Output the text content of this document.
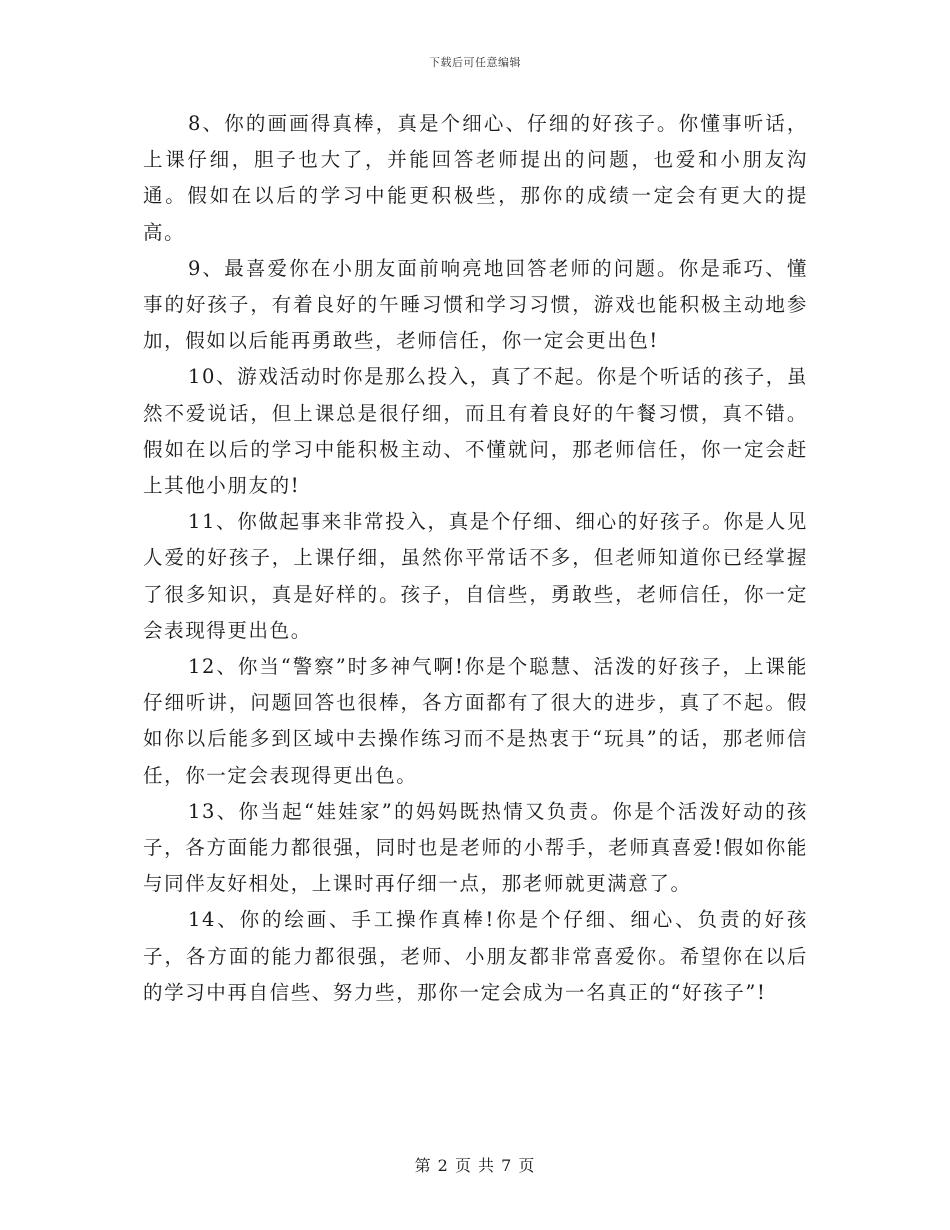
下载后可任意编辑

8、你的画画得真棒，真是个细心、仔细的好孩子。你懂事听话，上课仔细，胆子也大了，并能回答老师提出的问题，也爱和小朋友沟通。假如在以后的学习中能更积极些，那你的成绩一定会有更大的提高。

9、最喜爱你在小朋友面前响亮地回答老师的问题。你是乖巧、懂事的好孩子，有着良好的午睡习惯和学习习惯，游戏也能积极主动地参加，假如以后能再勇敢些，老师信任，你一定会更出色!

10、游戏活动时你是那么投入，真了不起。你是个听话的孩子，虽然不爱说话，但上课总是很仔细，而且有着良好的午餐习惯，真不错。假如在以后的学习中能积极主动、不懂就问，那老师信任，你一定会赶上其他小朋友的!

11、你做起事来非常投入，真是个仔细、细心的好孩子。你是人见人爱的好孩子，上课仔细，虽然你平常话不多，但老师知道你已经掌握了很多知识，真是好样的。孩子，自信些，勇敢些，老师信任，你一定会表现得更出色。

12、你当“警察”时多神气啊!你是个聪慧、活泼的好孩子，上课能仔细听讲，问题回答也很棒，各方面都有了很大的进步，真了不起。假如你以后能多到区域中去操作练习而不是热衷于“玩具”的话，那老师信任，你一定会表现得更出色。

13、你当起“娃娃家”的妈妈既热情又负责。你是个活泼好动的孩子，各方面能力都很强，同时也是老师的小帮手，老师真喜爱!假如你能与同伴友好相处，上课时再仔细一点，那老师就更满意了。

14、你的绘画、手工操作真棒!你是个仔细、细心、负责的好孩子，各方面的能力都很强，老师、小朋友都非常喜爱你。希望你在以后的学习中再自信些、努力些，那你一定会成为一名真正的“好孩子”!

第 2 页 共 7 页
